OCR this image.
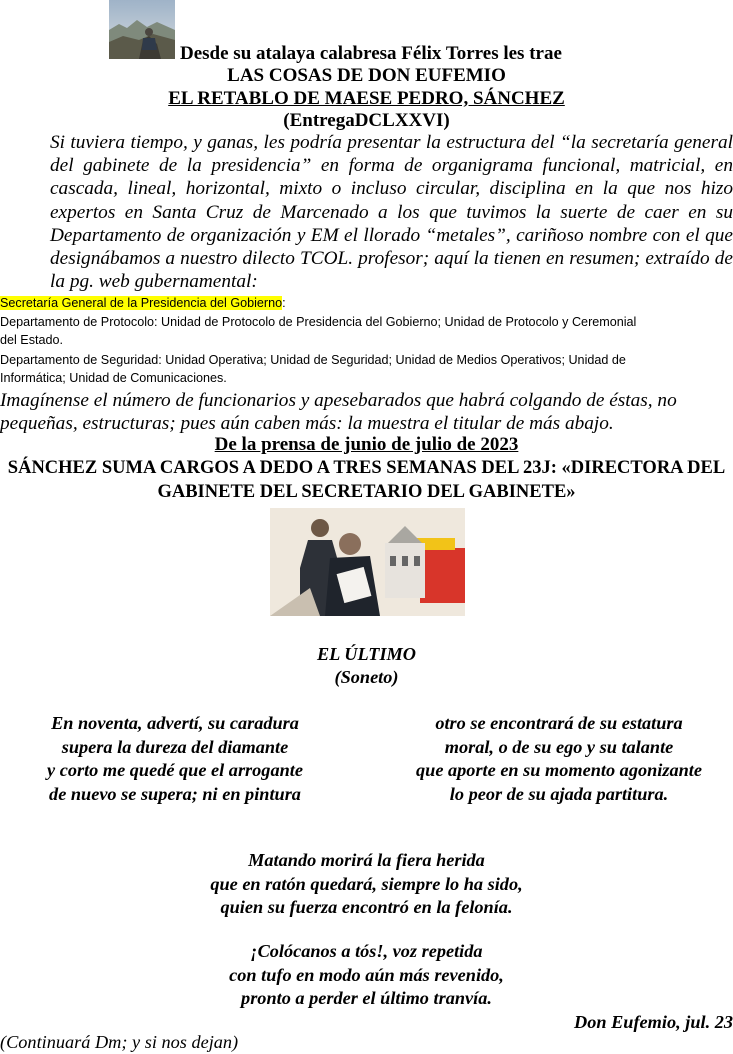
Desde su atalaya calabresa Félix Torres les trae
LAS COSAS DE DON EUFEMIO
EL RETABLO DE MAESE PEDRO, SÁNCHEZ
(EntregaDCLXXVI)
Si tuviera tiempo, y ganas, les podría presentar la estructura del “la secretaría general del gabinete de la presidencia” en forma de organigrama funcional, matricial, en cascada, lineal, horizontal, mixto o incluso circular, disciplina en la que nos hizo expertos en Santa Cruz de Marcenado a los que tuvimos la suerte de caer en su Departamento de organización y EM el llorado “metales”, cariñoso nombre con el que designábamos a nuestro dilecto TCOL. profesor; aquí la tienen en resumen; extraído de la pg. web gubernamental:
Secretaría General de la Presidencia del Gobierno:
Departamento de Protocolo: Unidad de Protocolo de Presidencia del Gobierno; Unidad de Protocolo y Ceremonial
del Estado.
Departamento de Seguridad: Unidad Operativa; Unidad de Seguridad; Unidad de Medios Operativos; Unidad de
Informática; Unidad de Comunicaciones.
Imagínense el número de funcionarios y apesebarados que habrá colgando de éstas, no
pequeñas, estructuras; pues aún caben más: la muestra el titular de más abajo.
De la prensa de junio de julio de 2023
SÁNCHEZ SUMA CARGOS A DEDO A TRES SEMANAS DEL 23J: «DIRECTORA DEL
GABINETE DEL SECRETARIO DEL GABINETE»
EL ÚLTIMO
(Soneto)
En noventa, advertí, su caradura
supera la dureza del diamante
y corto me quedé que el arrogante
de nuevo se supera; ni en pintura
otro se encontrará de su estatura
moral, o de su ego y su talante
que aporte en su momento agonizante
lo peor de su ajada partitura.
Matando morirá la fiera herida
que en ratón quedará, siempre lo ha sido,
quien su fuerza encontró en la felonía.
¡Colócanos a tós!, voz repetida
con tufo en modo aún más revenido,
pronto a perder el último tranvía.
Don Eufemio, jul. 23
(Continuará Dm; y si nos dejan)
